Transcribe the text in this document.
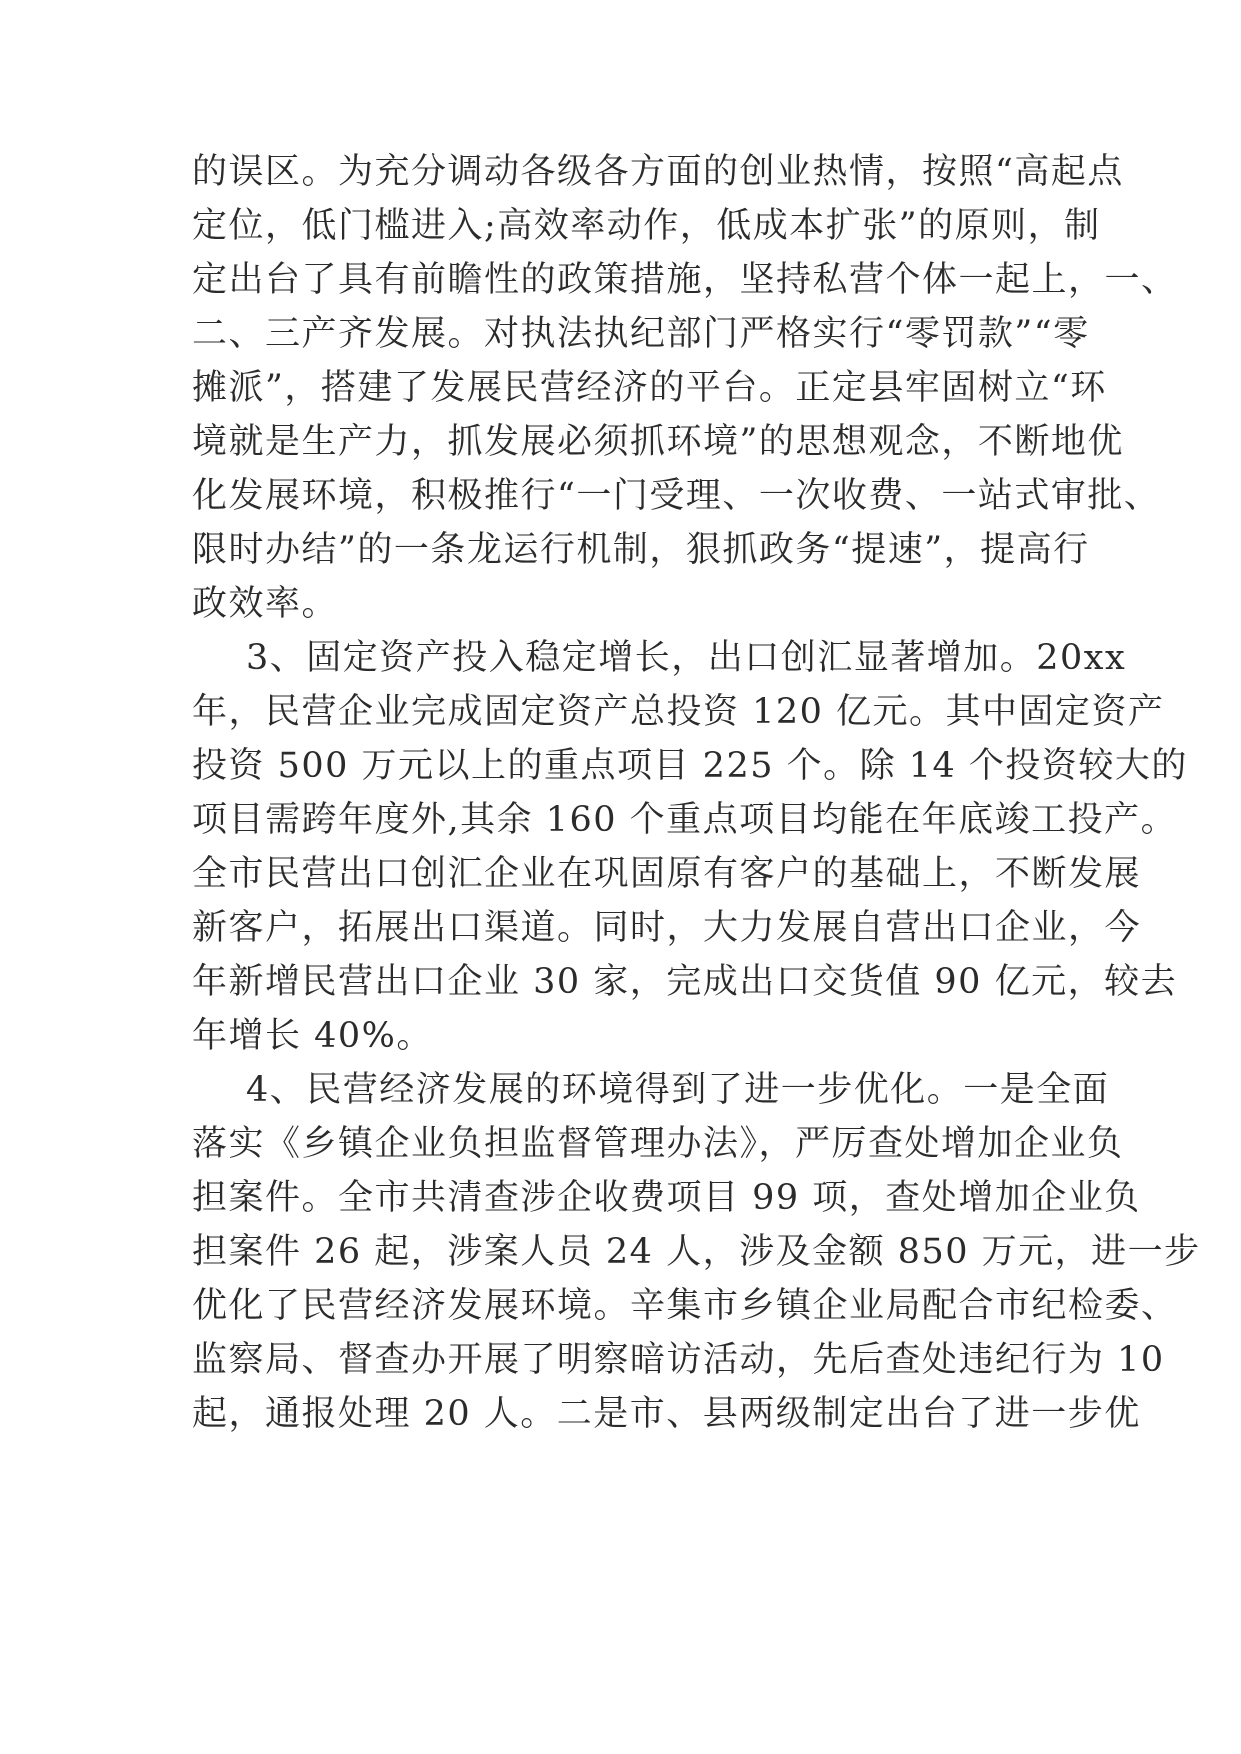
的误区。为充分调动各级各方面的创业热情，按照“高起点

定位，低门槛进入;高效率动作，低成本扩张”的原则，制

定出台了具有前瞻性的政策措施，坚持私营个体一起上，一、

二、三产齐发展。对执法执纪部门严格实行“零罚款”“零

摊派”，搭建了发展民营经济的平台。正定县牢固树立“环

境就是生产力，抓发展必须抓环境”的思想观念，不断地优

化发展环境，积极推行“一门受理、一次收费、一站式审批、

限时办结”的一条龙运行机制，狠抓政务“提速”，提高行

政效率。

3、固定资产投入稳定增长，出口创汇显著增加。20xx

年，民营企业完成固定资产总投资 120 亿元。其中固定资产

投资 500 万元以上的重点项目 225 个。除 14 个投资较大的

项目需跨年度外,其余 160 个重点项目均能在年底竣工投产。

全市民营出口创汇企业在巩固原有客户的基础上，不断发展

新客户，拓展出口渠道。同时，大力发展自营出口企业，今

年新增民营出口企业 30 家，完成出口交货值 90 亿元，较去

年增长 40%。

4、民营经济发展的环境得到了进一步优化。一是全面

落实《乡镇企业负担监督管理办法》，严厉查处增加企业负

担案件。全市共清查涉企收费项目 99 项，查处增加企业负

担案件 26 起，涉案人员 24 人，涉及金额 850 万元，进一步

优化了民营经济发展环境。辛集市乡镇企业局配合市纪检委、

监察局、督查办开展了明察暗访活动，先后查处违纪行为 10

起，通报处理 20 人。二是市、县两级制定出台了进一步优
